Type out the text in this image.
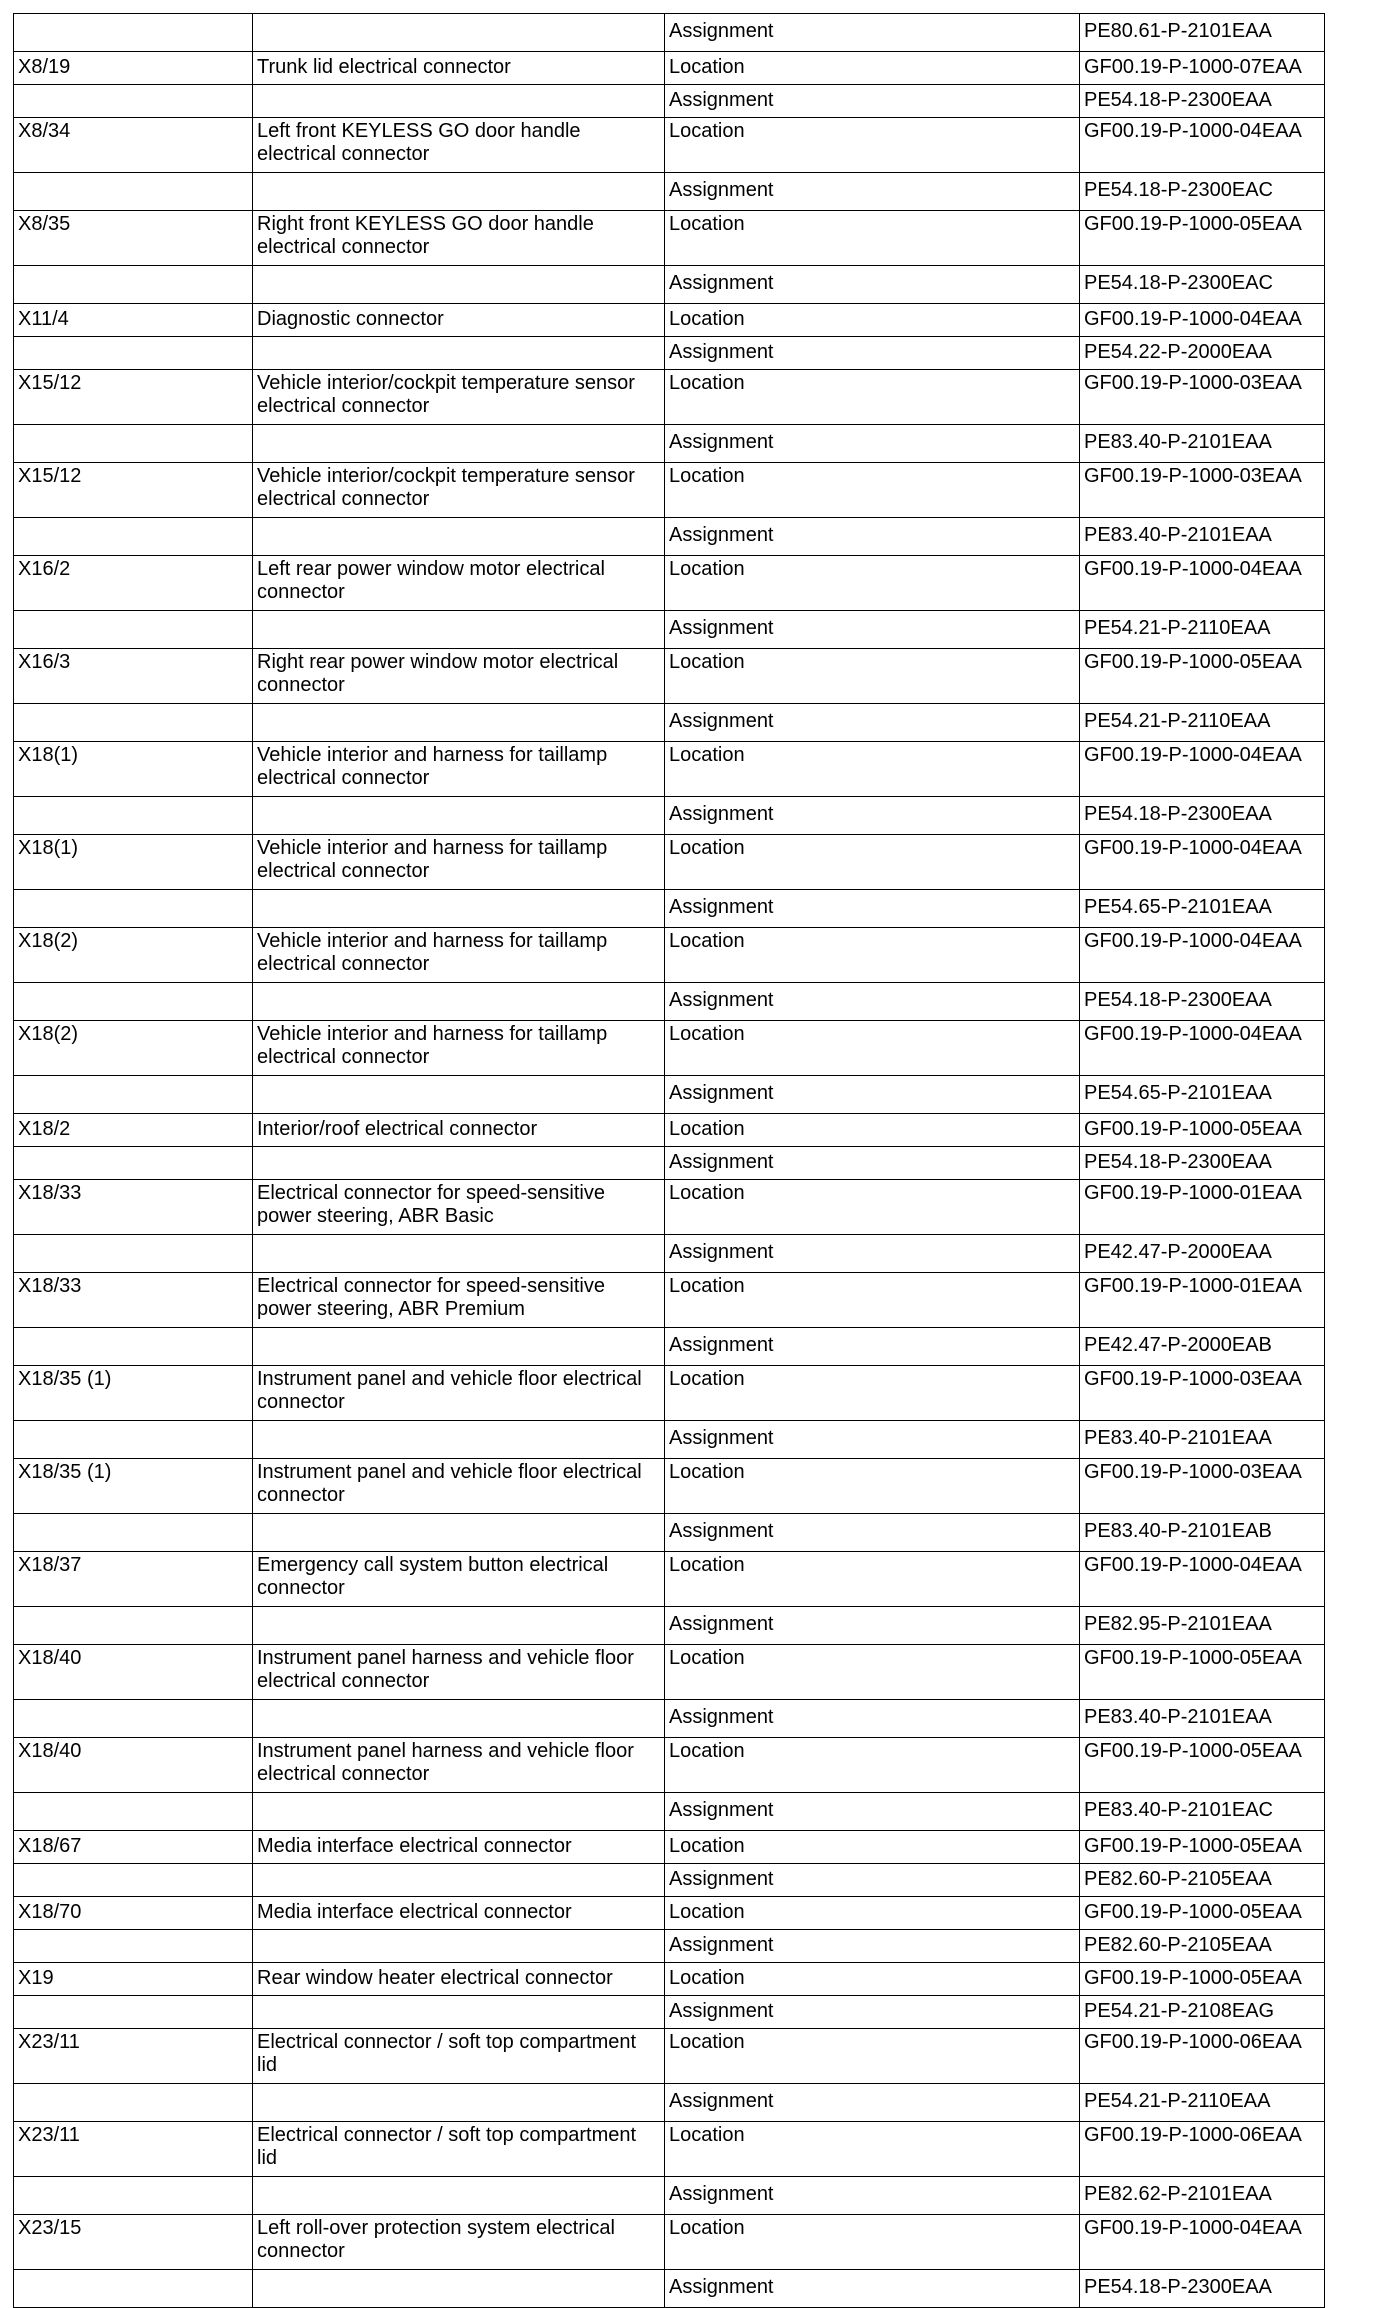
		Assignment	PE80.61-P-2101EAA
X8/19	Trunk lid electrical connector	Location	GF00.19-P-1000-07EAA
		Assignment	PE54.18-P-2300EAA
X8/34	Left front KEYLESS GO door handle electrical connector	Location	GF00.19-P-1000-04EAA
		Assignment	PE54.18-P-2300EAC
X8/35	Right front KEYLESS GO door handle electrical connector	Location	GF00.19-P-1000-05EAA
		Assignment	PE54.18-P-2300EAC
X11/4	Diagnostic connector	Location	GF00.19-P-1000-04EAA
		Assignment	PE54.22-P-2000EAA
X15/12	Vehicle interior/cockpit temperature sensor electrical connector	Location	GF00.19-P-1000-03EAA
		Assignment	PE83.40-P-2101EAA
X15/12	Vehicle interior/cockpit temperature sensor electrical connector	Location	GF00.19-P-1000-03EAA
		Assignment	PE83.40-P-2101EAA
X16/2	Left rear power window motor electrical connector	Location	GF00.19-P-1000-04EAA
		Assignment	PE54.21-P-2110EAA
X16/3	Right rear power window motor electrical connector	Location	GF00.19-P-1000-05EAA
		Assignment	PE54.21-P-2110EAA
X18(1)	Vehicle interior and harness for taillamp electrical connector	Location	GF00.19-P-1000-04EAA
		Assignment	PE54.18-P-2300EAA
X18(1)	Vehicle interior and harness for taillamp electrical connector	Location	GF00.19-P-1000-04EAA
		Assignment	PE54.65-P-2101EAA
X18(2)	Vehicle interior and harness for taillamp electrical connector	Location	GF00.19-P-1000-04EAA
		Assignment	PE54.18-P-2300EAA
X18(2)	Vehicle interior and harness for taillamp electrical connector	Location	GF00.19-P-1000-04EAA
		Assignment	PE54.65-P-2101EAA
X18/2	Interior/roof electrical connector	Location	GF00.19-P-1000-05EAA
		Assignment	PE54.18-P-2300EAA
X18/33	Electrical connector for speed-sensitive power steering, ABR Basic	Location	GF00.19-P-1000-01EAA
		Assignment	PE42.47-P-2000EAA
X18/33	Electrical connector for speed-sensitive power steering, ABR Premium	Location	GF00.19-P-1000-01EAA
		Assignment	PE42.47-P-2000EAB
X18/35 (1)	Instrument panel and vehicle floor electrical connector	Location	GF00.19-P-1000-03EAA
		Assignment	PE83.40-P-2101EAA
X18/35 (1)	Instrument panel and vehicle floor electrical connector	Location	GF00.19-P-1000-03EAA
		Assignment	PE83.40-P-2101EAB
X18/37	Emergency call system button electrical connector	Location	GF00.19-P-1000-04EAA
		Assignment	PE82.95-P-2101EAA
X18/40	Instrument panel harness and vehicle floor electrical connector	Location	GF00.19-P-1000-05EAA
		Assignment	PE83.40-P-2101EAA
X18/40	Instrument panel harness and vehicle floor electrical connector	Location	GF00.19-P-1000-05EAA
		Assignment	PE83.40-P-2101EAC
X18/67	Media interface electrical connector	Location	GF00.19-P-1000-05EAA
		Assignment	PE82.60-P-2105EAA
X18/70	Media interface electrical connector	Location	GF00.19-P-1000-05EAA
		Assignment	PE82.60-P-2105EAA
X19	Rear window heater electrical connector	Location	GF00.19-P-1000-05EAA
		Assignment	PE54.21-P-2108EAG
X23/11	Electrical connector / soft top compartment lid	Location	GF00.19-P-1000-06EAA
		Assignment	PE54.21-P-2110EAA
X23/11	Electrical connector / soft top compartment lid	Location	GF00.19-P-1000-06EAA
		Assignment	PE82.62-P-2101EAA
X23/15	Left roll-over protection system electrical connector	Location	GF00.19-P-1000-04EAA
		Assignment	PE54.18-P-2300EAA
